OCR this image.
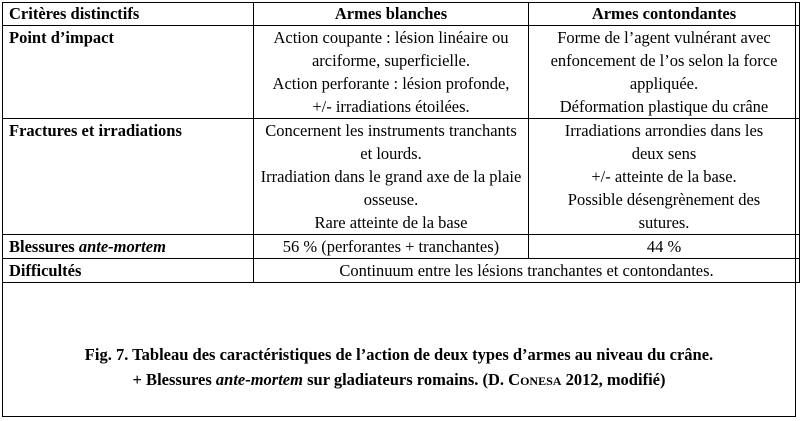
Critères distinctifs	Armes blanches	Armes contondantes
Point d’impact	Action coupante : lésion linéaire ou
arciforme, superficielle.
Action perforante : lésion profonde,
+/- irradiations étoilées.	Forme de l’agent vulnérant avec
enfoncement de l’os selon la force
appliquée.
Déformation plastique du crâne

Fractures et irradiations	Concernent les instruments tranchants
et lourds.
Irradiation dans le grand axe de la plaie
osseuse.
Rare atteinte de la base	Irradiations arrondies dans les
deux sens
+/- atteinte de la base.
Possible désengrènement des
sutures.

Blessures ante-mortem	56 % (perforantes + tranchantes)	44 %
Difficultés	Continuum entre les lésions tranchantes et contondantes.	
Fig. 7. Tableau des caractéristiques de l’action de deux types d’armes au niveau du crâne.
+ Blessures ante-mortem sur gladiateurs romains. (D. Conesa 2012, modifié)
